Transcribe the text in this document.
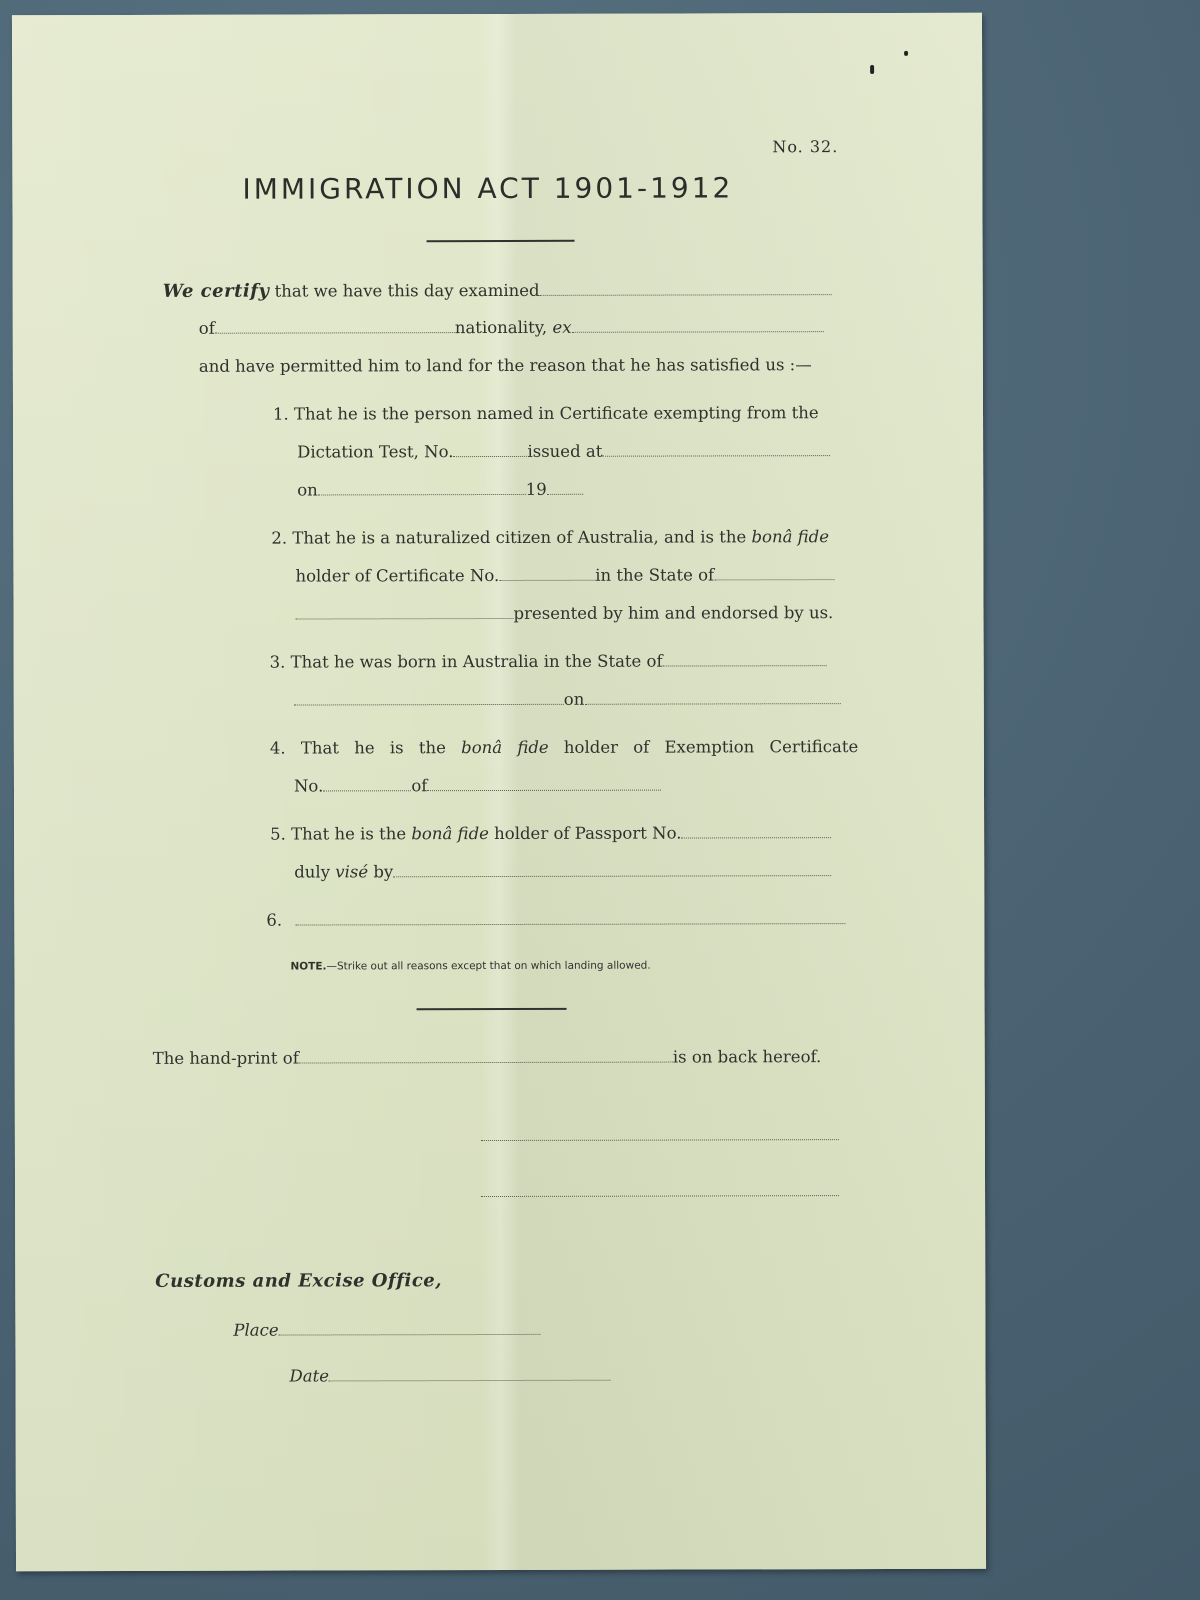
No. 32.
IMMIGRATION ACT 1901-1912
We certify that we have this day examined
of	nationality, ex
and have permitted him to land for the reason that he has satisfied us :—
1. That he is the person named in Certificate exempting from the
Dictation Test, No.	issued at
on	19
2. That he is a naturalized citizen of Australia, and is the bonâ fide
holder of Certificate No.	in the State of
presented by him and endorsed by us.
3. That he was born in Australia in the State of
on
4. That he is the bonâ fide holder of Exemption Certificate
No.	of
5. That he is the bonâ fide holder of Passport No.
duly visé by
6.
NOTE.—Strike out all reasons except that on which landing allowed.
The hand-print of	is on back hereof.
Customs and Excise Office,
Place
Date
